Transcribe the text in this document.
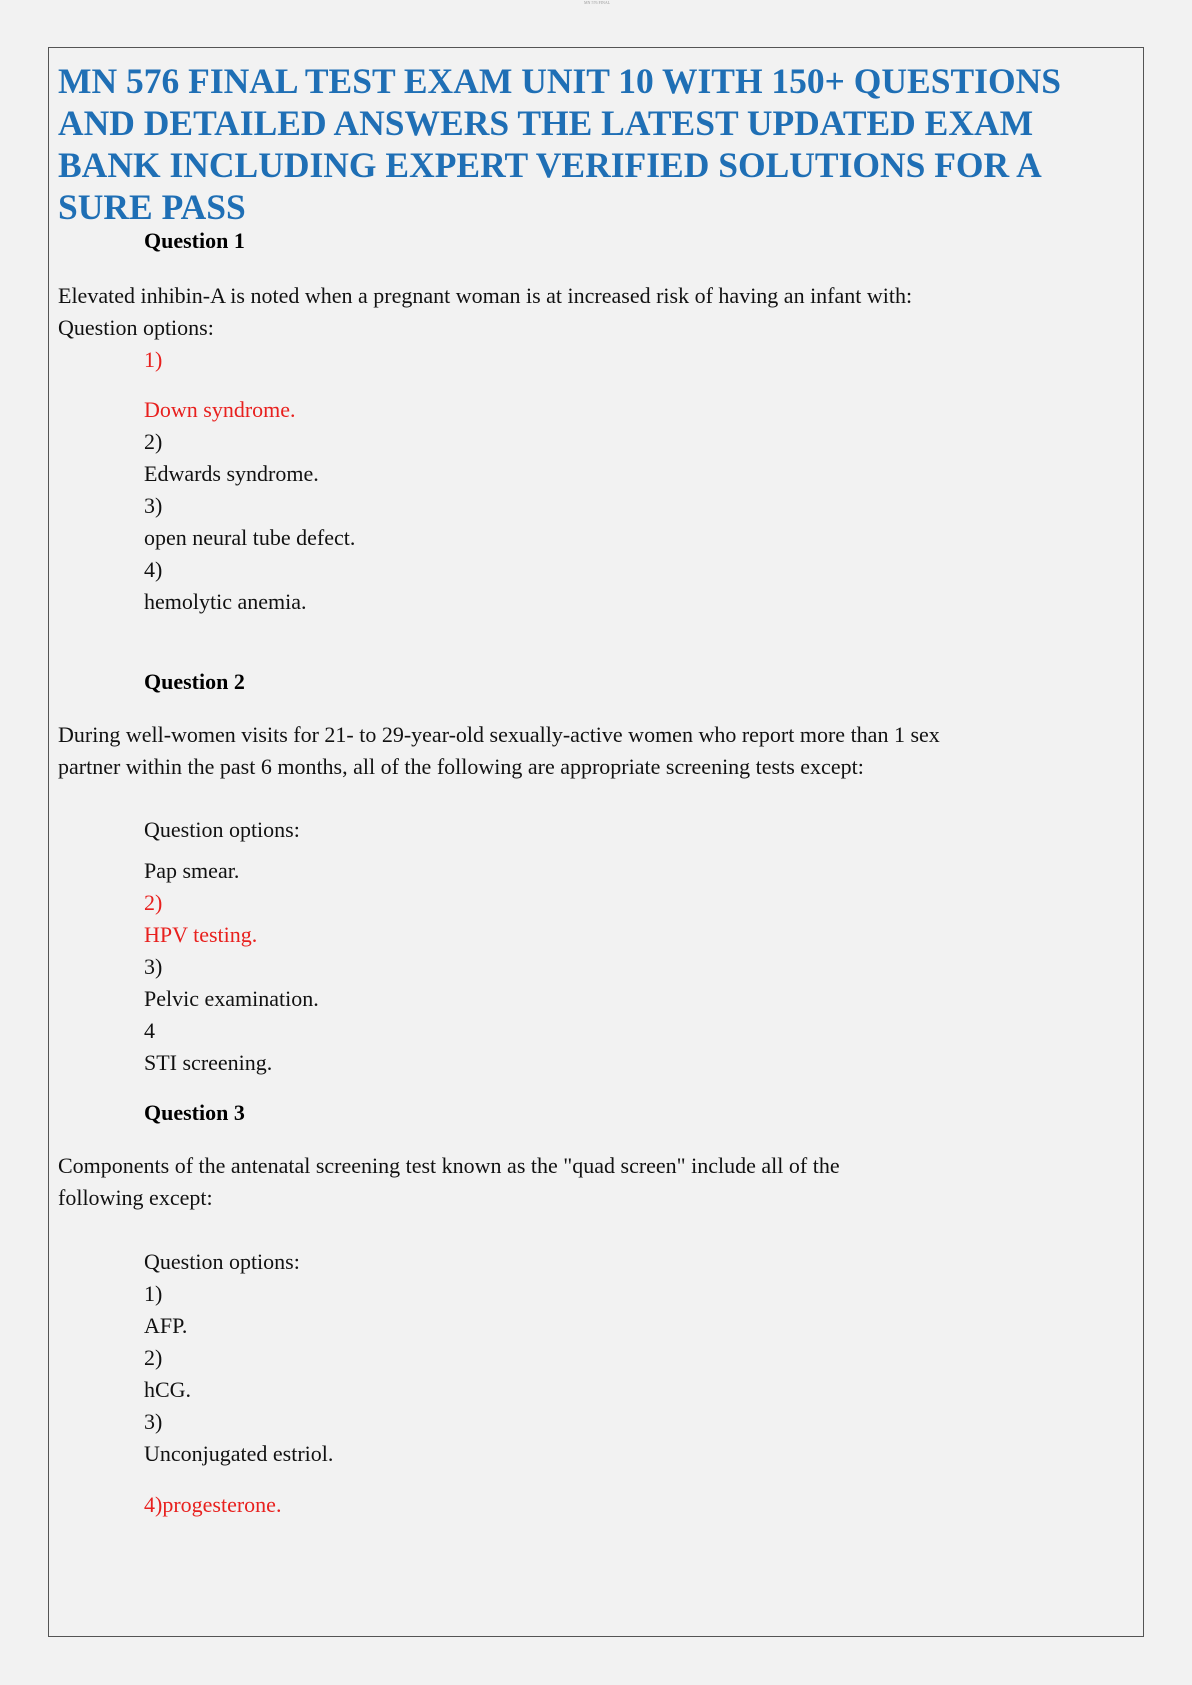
MN 576 FINAL
MN 576 FINAL TEST EXAM UNIT 10 WITH 150+ QUESTIONS AND DETAILED ANSWERS THE LATEST UPDATED EXAM BANK INCLUDING EXPERT VERIFIED SOLUTIONS FOR A SURE PASS
Question 1
Elevated inhibin-A is noted when a pregnant woman is at increased risk of having an infant with:
Question options:
1)
Down syndrome.
2)
Edwards syndrome.
3)
open neural tube defect.
4)
hemolytic anemia.
Question 2
During well-women visits for 21- to 29-year-old sexually-active women who report more than 1 sex
partner within the past 6 months, all of the following are appropriate screening tests except:
Question options:
Pap smear.
2)
HPV testing.
3)
Pelvic examination.
4
STI screening.
Question 3
Components of the antenatal screening test known as the "quad screen" include all of the
following except:
Question options:
1)
AFP.
2)
hCG.
3)
Unconjugated estriol.
4)progesterone.
